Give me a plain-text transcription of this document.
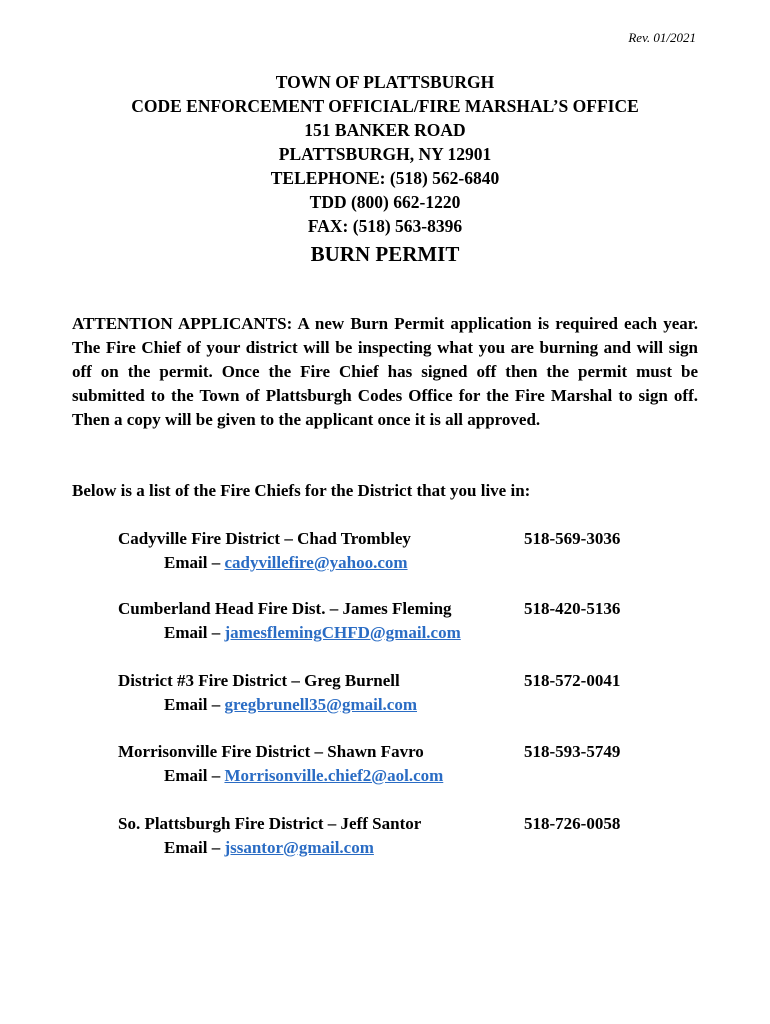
Rev. 01/2021
TOWN OF PLATTSBURGH
CODE ENFORCEMENT OFFICIAL/FIRE MARSHAL’S OFFICE
151 BANKER ROAD
PLATTSBURGH, NY 12901
TELEPHONE: (518) 562-6840
TDD (800) 662-1220
FAX: (518) 563-8396
BURN PERMIT
ATTENTION APPLICANTS: A new Burn Permit application is required each year. The Fire Chief of your district will be inspecting what you are burning and will sign off on the permit. Once the Fire Chief has signed off then the permit must be submitted to the Town of Plattsburgh Codes Office for the Fire Marshal to sign off. Then a copy will be given to the applicant once it is all approved.
Below is a list of the Fire Chiefs for the District that you live in:
Cadyville Fire District – Chad Trombley	518-569-3036
Email – cadyvillefire@yahoo.com
Cumberland Head Fire Dist. – James Fleming	518-420-5136
Email – jamesflemingCHFD@gmail.com
District #3 Fire District – Greg Burnell	518-572-0041
Email – gregbrunell35@gmail.com
Morrisonville Fire District – Shawn Favro	518-593-5749
Email – Morrisonville.chief2@aol.com
So. Plattsburgh Fire District – Jeff Santor	518-726-0058
Email – jssantor@gmail.com
